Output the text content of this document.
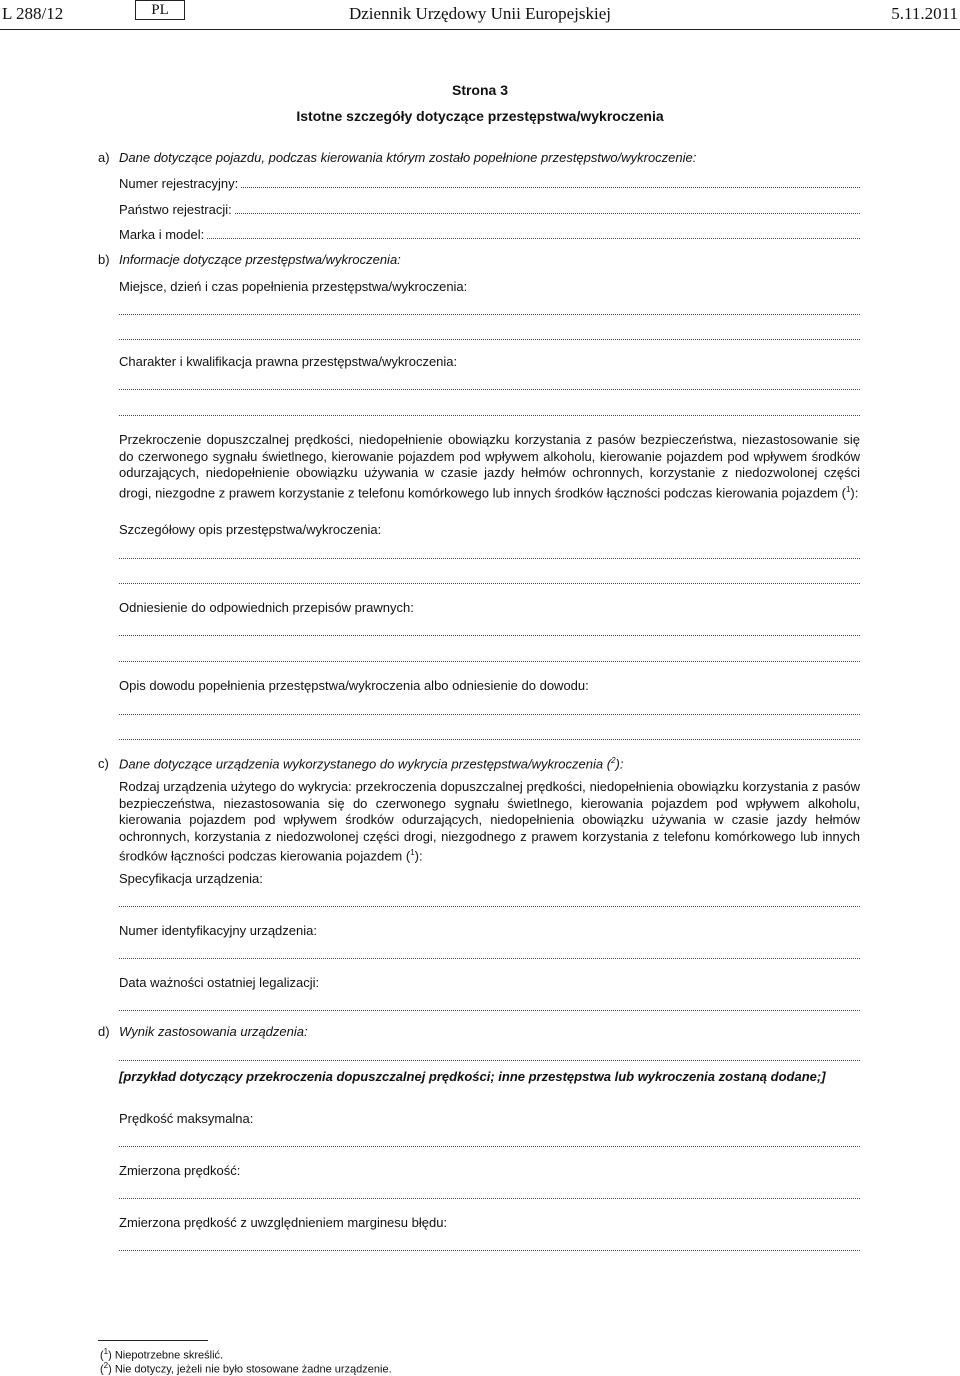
L 288/12	PL	Dziennik Urzędowy Unii Europejskiej	5.11.2011
Strona 3
Istotne szczegóły dotyczące przestępstwa/wykroczenia
a) Dane dotyczące pojazdu, podczas kierowania którym zostało popełnione przestępstwo/wykroczenie:
Numer rejestracyjny:
Państwo rejestracji:
Marka i model:
b) Informacje dotyczące przestępstwa/wykroczenia:
Miejsce, dzień i czas popełnienia przestępstwa/wykroczenia:
Charakter i kwalifikacja prawna przestępstwa/wykroczenia:
Przekroczenie dopuszczalnej prędkości, niedopełnienie obowiązku korzystania z pasów bezpieczeństwa, niezastosowanie się do czerwonego sygnału świetlnego, kierowanie pojazdem pod wpływem alkoholu, kierowanie pojazdem pod wpływem środków odurzających, niedopełnienie obowiązku używania w czasie jazdy hełmów ochronnych, korzystanie z niedozwolonej części drogi, niezgodne z prawem korzystanie z telefonu komórkowego lub innych środków łączności podczas kierowania pojazdem ($^1$):
Szczegółowy opis przestępstwa/wykroczenia:
Odniesienie do odpowiednich przepisów prawnych:
Opis dowodu popełnienia przestępstwa/wykroczenia albo odniesienie do dowodu:
c) Dane dotyczące urządzenia wykorzystanego do wykrycia przestępstwa/wykroczenia ($^2$):
Rodzaj urządzenia użytego do wykrycia: przekroczenia dopuszczalnej prędkości, niedopełnienia obowiązku korzystania z pasów bezpieczeństwa, niezastosowania się do czerwonego sygnału świetlnego, kierowania pojazdem pod wpływem alkoholu, kierowania pojazdem pod wpływem środków odurzających, niedopełnienia obowiązku używania w czasie jazdy hełmów ochronnych, korzystania z niedozwolonej części drogi, niezgodnego z prawem korzystania z telefonu komórkowego lub innych środków łączności podczas kierowania pojazdem ($^1$):
Specyfikacja urządzenia:
Numer identyfikacyjny urządzenia:
Data ważności ostatniej legalizacji:
d) Wynik zastosowania urządzenia:
[przykład dotyczący przekroczenia dopuszczalnej prędkości; inne przestępstwa lub wykroczenia zostaną dodane;]
Prędkość maksymalna:
Zmierzona prędkość:
Zmierzona prędkość z uwzględnieniem marginesu błędu:
($^1$) Niepotrzebne skreślić.
($^2$) Nie dotyczy, jeżeli nie było stosowane żadne urządzenie.
